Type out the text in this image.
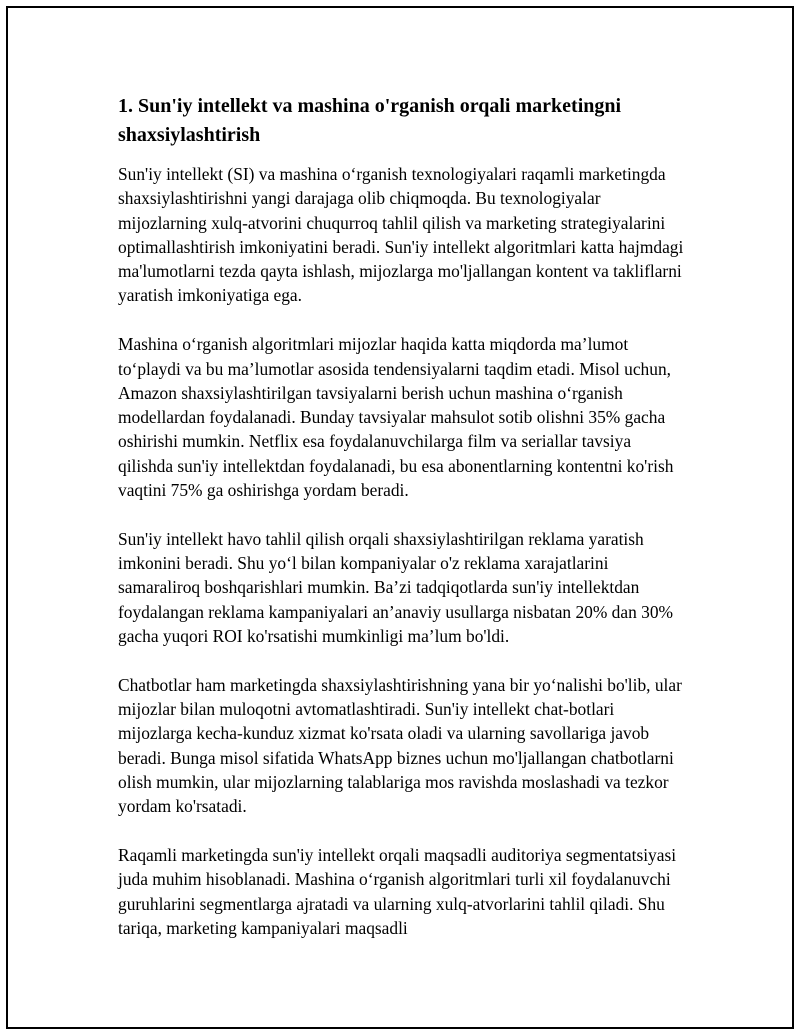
1. Sun'iy intellekt va mashina o'rganish orqali marketingni shaxsiylashtirish

Sun'iy intellekt (SI) va mashina o‘rganish texnologiyalari raqamli marketingda shaxsiylashtirishni yangi darajaga olib chiqmoqda. Bu texnologiyalar mijozlarning xulq-atvorini chuqurroq tahlil qilish va marketing strategiyalarini optimallashtirish imkoniyatini beradi. Sun'iy intellekt algoritmlari katta hajmdagi ma'lumotlarni tezda qayta ishlash, mijozlarga mo'ljallangan kontent va takliflarni yaratish imkoniyatiga ega.

Mashina o‘rganish algoritmlari mijozlar haqida katta miqdorda ma’lumot to‘playdi va bu ma’lumotlar asosida tendensiyalarni taqdim etadi. Misol uchun, Amazon shaxsiylashtirilgan tavsiyalarni berish uchun mashina o‘rganish modellardan foydalanadi. Bunday tavsiyalar mahsulot sotib olishni 35% gacha oshirishi mumkin. Netflix esa foydalanuvchilarga film va seriallar tavsiya qilishda sun'iy intellektdan foydalanadi, bu esa abonentlarning kontentni ko'rish vaqtini 75% ga oshirishga yordam beradi.

Sun'iy intellekt havo tahlil qilish orqali shaxsiylashtirilgan reklama yaratish imkonini beradi. Shu yo‘l bilan kompaniyalar o'z reklama xarajatlarini samaraliroq boshqarishlari mumkin. Ba’zi tadqiqotlarda sun'iy intellektdan foydalangan reklama kampaniyalari an’anaviy usullarga nisbatan 20% dan 30% gacha yuqori ROI ko'rsatishi mumkinligi ma’lum bo'ldi.

Chatbotlar ham marketingda shaxsiylashtirishning yana bir yo‘nalishi bo'lib, ular mijozlar bilan muloqotni avtomatlashtiradi. Sun'iy intellekt chat-botlari mijozlarga kecha-kunduz xizmat ko'rsata oladi va ularning savollariga javob beradi. Bunga misol sifatida WhatsApp biznes uchun mo'ljallangan chatbotlarni olish mumkin, ular mijozlarning talablariga mos ravishda moslashadi va tezkor yordam ko'rsatadi.

Raqamli marketingda sun'iy intellekt orqali maqsadli auditoriya segmentatsiyasi juda muhim hisoblanadi. Mashina o‘rganish algoritmlari turli xil foydalanuvchi guruhlarini segmentlarga ajratadi va ularning xulq-atvorlarini tahlil qiladi. Shu tariqa, marketing kampaniyalari maqsadli
